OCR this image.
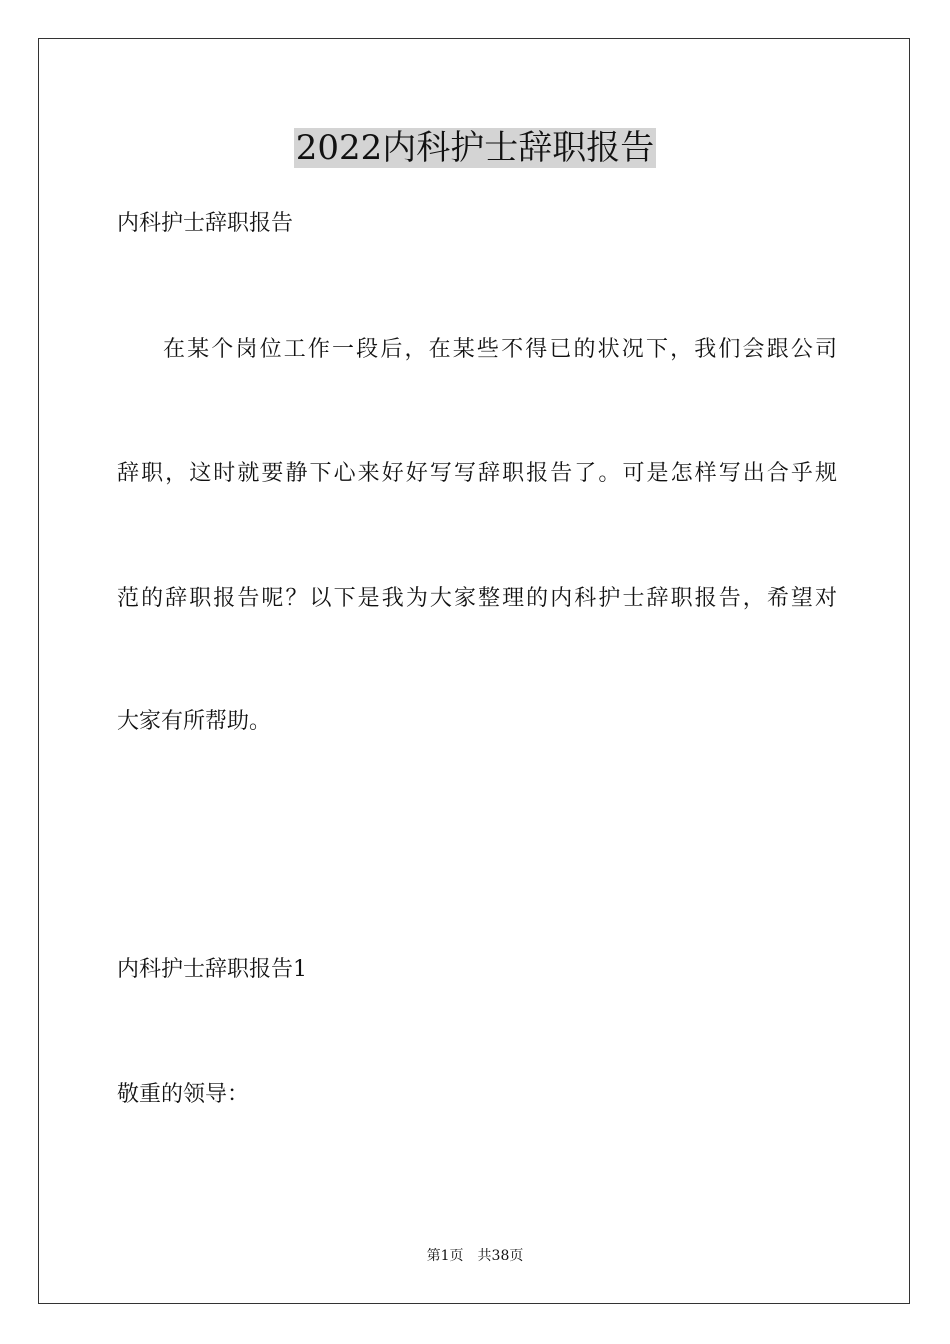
2022内科护士辞职报告
内科护士辞职报告
在某个岗位工作一段后，在某些不得已的状况下，我们会跟公司
辞职，这时就要静下心来好好写写辞职报告了。可是怎样写出合乎规
范的辞职报告呢？以下是我为大家整理的内科护士辞职报告，希望对
大家有所帮助。
内科护士辞职报告1
敬重的领导：
第1页 共38页
